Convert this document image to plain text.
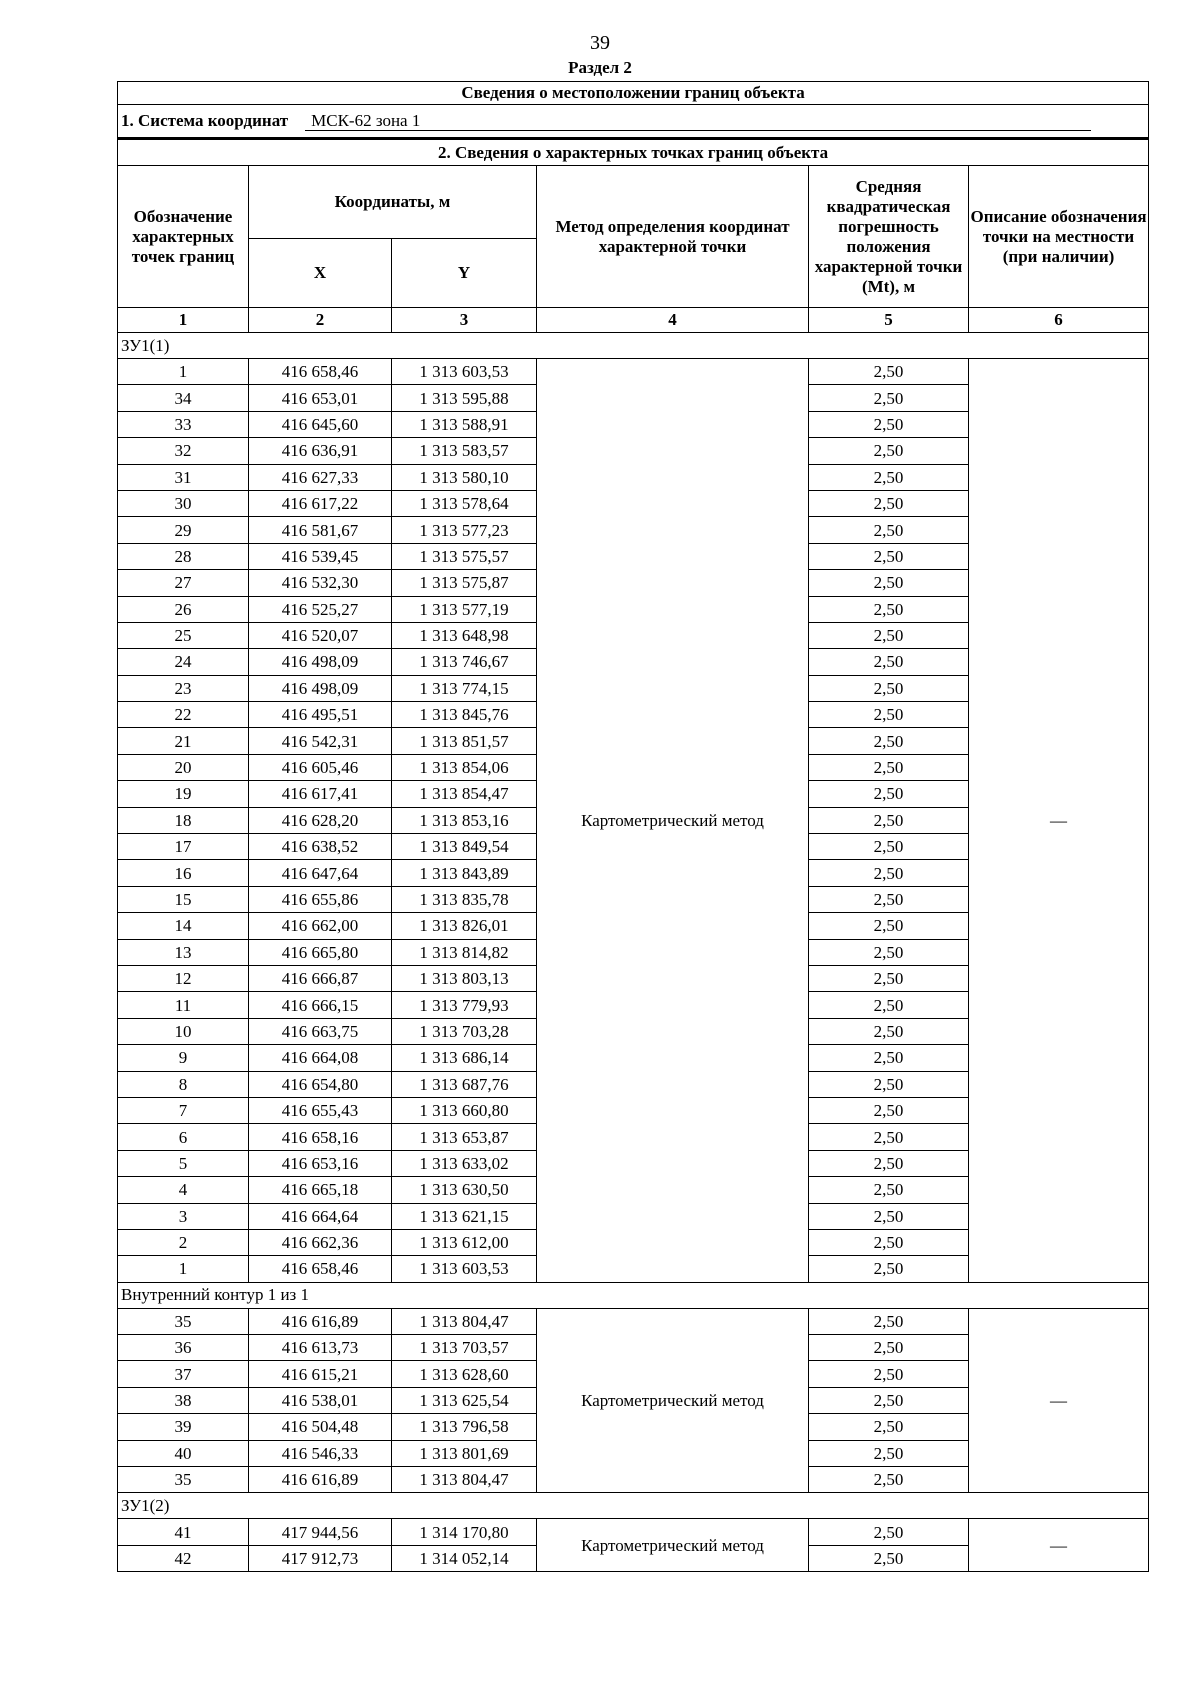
39
Раздел 2
Сведения о местоположении границ объекта					
1. Система координат МСК-62 зона 1					
2. Сведения о характерных точках границ объекта					
Обозначение характерных точек границ	Координаты, м		Метод определения координат характерной точки	Средняя квадратическая погрешность положения характерной точки (Mt), м	Описание обозначения точки на местности (при наличии)
	X	Y			
1	2	3	4	5	6
ЗУ1(1)					
1	416 658,46	1 313 603,53	Картометрический метод	2,50	—
34	416 653,01	1 313 595,88		2,50	
33	416 645,60	1 313 588,91		2,50	
32	416 636,91	1 313 583,57		2,50	
31	416 627,33	1 313 580,10		2,50	
30	416 617,22	1 313 578,64		2,50	
29	416 581,67	1 313 577,23		2,50	
28	416 539,45	1 313 575,57		2,50	
27	416 532,30	1 313 575,87		2,50	
26	416 525,27	1 313 577,19		2,50	
25	416 520,07	1 313 648,98		2,50	
24	416 498,09	1 313 746,67		2,50	
23	416 498,09	1 313 774,15		2,50	
22	416 495,51	1 313 845,76		2,50	
21	416 542,31	1 313 851,57		2,50	
20	416 605,46	1 313 854,06		2,50	
19	416 617,41	1 313 854,47		2,50	
18	416 628,20	1 313 853,16		2,50	
17	416 638,52	1 313 849,54		2,50	
16	416 647,64	1 313 843,89		2,50	
15	416 655,86	1 313 835,78		2,50	
14	416 662,00	1 313 826,01		2,50	
13	416 665,80	1 313 814,82		2,50	
12	416 666,87	1 313 803,13		2,50	
11	416 666,15	1 313 779,93		2,50	
10	416 663,75	1 313 703,28		2,50	
9	416 664,08	1 313 686,14		2,50	
8	416 654,80	1 313 687,76		2,50	
7	416 655,43	1 313 660,80		2,50	
6	416 658,16	1 313 653,87		2,50	
5	416 653,16	1 313 633,02		2,50	
4	416 665,18	1 313 630,50		2,50	
3	416 664,64	1 313 621,15		2,50	
2	416 662,36	1 313 612,00		2,50	
1	416 658,46	1 313 603,53		2,50	
Внутренний контур 1 из 1					
35	416 616,89	1 313 804,47	Картометрический метод	2,50	—
36	416 613,73	1 313 703,57		2,50	
37	416 615,21	1 313 628,60		2,50	
38	416 538,01	1 313 625,54		2,50	
39	416 504,48	1 313 796,58		2,50	
40	416 546,33	1 313 801,69		2,50	
35	416 616,89	1 313 804,47		2,50	
ЗУ1(2)					
41	417 944,56	1 314 170,80	Картометрический метод	2,50	—
42	417 912,73	1 314 052,14		2,50	
